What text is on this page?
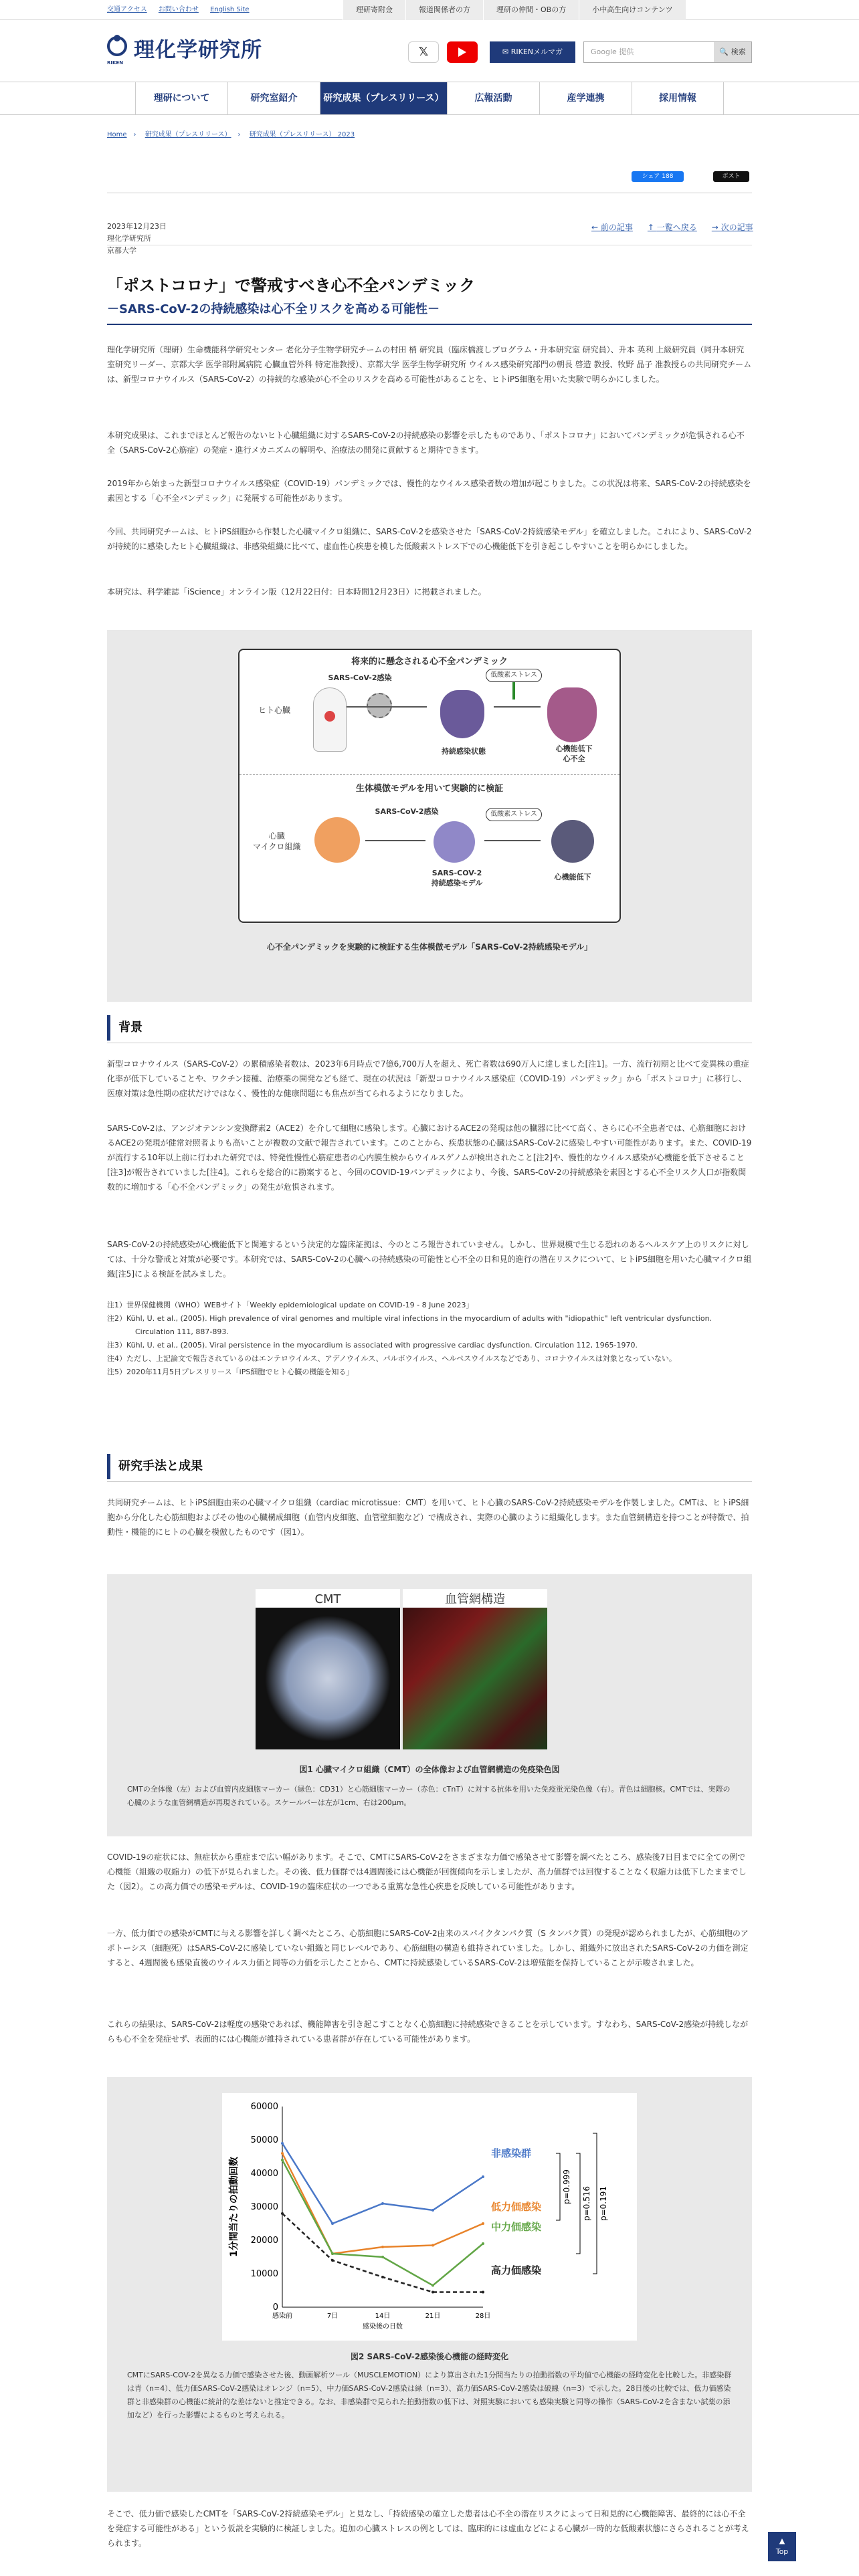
交通アクセス お問い合わせ English Site	理研寄附金	報道関係者の方	理研の仲間・OBの方	小中高生向けコンテンツ
RIKEN
理化学研究所	𝕏	✉ RIKENメルマガ	Google 提供	🔍 検索
理研について	研究室紹介	研究成果（プレスリリース）	広報活動	産学連携	採用情報
Home › 研究成果（プレスリリース） › 研究成果（プレスリリース） 2023
シェア 188	ポスト
2023年12月23日
理化学研究所
京都大学
← 前の記事 ↑ 一覧へ戻る → 次の記事
「ポストコロナ」で警戒すべき心不全パンデミック
－SARS-CoV-2の持続感染は心不全リスクを高める可能性－
理化学研究所（理研）生命機能科学研究センター 老化分子生物学研究チームの村田 梢 研究員（臨床橋渡しプログラム・升本研究室 研究員）、升本 英利 上級研究員（同升本研究室研究リーダー、京都大学 医学部附属病院 心臓血管外科 特定准教授）、京都大学 医学生物学研究所 ウイルス感染研究部門の朝長 啓造 教授、牧野 晶子 准教授らの共同研究チームは、新型コロナウイルス（SARS-CoV-2）の持続的な感染が心不全のリスクを高める可能性があることを、ヒトiPS細胞を用いた実験で明らかにしました。
本研究成果は、これまでほとんど報告のないヒト心臓組織に対するSARS-CoV-2の持続感染の影響を示したものであり、「ポストコロナ」においてパンデミックが危惧される心不全（SARS-CoV-2心筋症）の発症・進行メカニズムの解明や、治療法の開発に貢献すると期待できます。
2019年から始まった新型コロナウイルス感染症（COVID-19）パンデミックでは、慢性的なウイルス感染者数の増加が起こりました。この状況は将来、SARS-CoV-2の持続感染を素因とする「心不全パンデミック」に発展する可能性があります。
今回、共同研究チームは、ヒトiPS細胞から作製した心臓マイクロ組織に、SARS-CoV-2を感染させた「SARS-CoV-2持続感染モデル」を確立しました。これにより、SARS-CoV-2が持続的に感染したヒト心臓組織は、非感染組織に比べて、虚血性心疾患を模した低酸素ストレス下での心機能低下を引き起こしやすいことを明らかにしました。
本研究は、科学雑誌「iScience」オンライン版（12月22日付：日本時間12月23日）に掲載されました。
将来的に懸念される心不全パンデミック
SARS-CoV-2感染
ヒト心臓
持続感染状態
低酸素ストレス
心機能低下
心不全
生体模倣モデルを用いて実験的に検証
心臓
マイクロ組織
SARS-CoV-2感染
SARS-COV-2
持続感染モデル
低酸素ストレス
心機能低下
心不全パンデミックを実験的に検証する生体模倣モデル「SARS-CoV-2持続感染モデル」
背景
新型コロナウイルス（SARS-CoV-2）の累積感染者数は、2023年6月時点で7億6,700万人を超え、死亡者数は690万人に達しました[注1]。一方、流行初期と比べて変異株の重症化率が低下していることや、ワクチン接種、治療薬の開発なども経て、現在の状況は「新型コロナウイルス感染症（COVID-19）パンデミック」から「ポストコロナ」に移行し、医療対策は急性期の症状だけではなく、慢性的な健康問題にも焦点が当てられるようになりました。
SARS-CoV-2は、アンジオテンシン変換酵素2（ACE2）を介して細胞に感染します。心臓におけるACE2の発現は他の臓器に比べて高く、さらに心不全患者では、心筋細胞におけるACE2の発現が健常対照者よりも高いことが複数の文献で報告されています。このことから、疾患状態の心臓はSARS-CoV-2に感染しやすい可能性があります。また、COVID-19が流行する10年以上前に行われた研究では、特発性慢性心筋症患者の心内膜生検からウイルスゲノムが検出されたこと[注2]や、慢性的なウイルス感染が心機能を低下させること[注3]が報告されていました[注4]。これらを総合的に勘案すると、今回のCOVID-19パンデミックにより、今後、SARS-CoV-2の持続感染を素因とする心不全リスク人口が指数関数的に増加する「心不全パンデミック」の発生が危惧されます。
SARS-CoV-2の持続感染が心機能低下と関連するという決定的な臨床証拠は、今のところ報告されていません。しかし、世界規模で生じる恐れのあるヘルスケア上のリスクに対しては、十分な警戒と対策が必要です。本研究では、SARS-CoV-2の心臓への持続感染の可能性と心不全の日和見的進行の潜在リスクについて、ヒトiPS細胞を用いた心臓マイクロ組織[注5]による検証を試みました。
注1）世界保健機関（WHO）WEBサイト「Weekly epidemiological update on COVID-19 - 8 June 2023」
注2）Kühl, U. et al., (2005). High prevalence of viral genomes and multiple viral infections in the myocardium of adults with "idiopathic" left ventricular dysfunction. Circulation 111, 887-893.
注3）Kühl, U. et al., (2005). Viral persistence in the myocardium is associated with progressive cardiac dysfunction. Circulation 112, 1965-1970.
注4）ただし、上記論文で報告されているのはエンテロウイルス、アデノウイルス、パルボウイルス、ヘルペスウイルスなどであり、コロナウイルスは対象となっていない。
注5）2020年11月5日プレスリリース「iPS細胞でヒト心臓の機能を知る」
研究手法と成果
共同研究チームは、ヒトiPS細胞由来の心臓マイクロ組織（cardiac microtissue：CMT）を用いて、ヒト心臓のSARS-CoV-2持続感染モデルを作製しました。CMTは、ヒトiPS細胞から分化した心筋細胞およびその他の心臓構成細胞（血管内皮細胞、血管壁細胞など）で構成され、実際の心臓のように組織化します。また血管網構造を持つことが特徴で、拍動性・機能的にヒトの心臓を模倣したものです（図1）。
CMT	血管網構造
図1 心臓マイクロ組織（CMT）の全体像および血管網構造の免疫染色図
CMTの全体像（左）および血管内皮細胞マーカー（緑色：CD31）と心筋細胞マーカー（赤色：cTnT）に対する抗体を用いた免疫蛍光染色像（右）。青色は細胞核。CMTでは、実際の心臓のような血管網構造が再現されている。スケールバーは左が1cm、右は200μm。
COVID-19の症状には、無症状から重症まで広い幅があります。そこで、CMTにSARS-CoV-2をさまざまな力価で感染させて影響を調べたところ、感染後7日目までに全ての例で心機能（組織の収縮力）の低下が見られました。その後、低力価群では4週間後には心機能が回復傾向を示しましたが、高力価群では回復することなく収縮力は低下したままでした（図2）。この高力価での感染モデルは、COVID-19の臨床症状の一つである重篤な急性心疾患を反映している可能性があります。
一方、低力価での感染がCMTに与える影響を詳しく調べたところ、心筋細胞にSARS-CoV-2由来のスパイクタンパク質（S タンパク質）の発現が認められましたが、心筋細胞のアポトーシス（細胞死）はSARS-CoV-2に感染していない組織と同じレベルであり、心筋細胞の構造も維持されていました。しかし、組織外に放出されたSARS-CoV-2の力価を測定すると、4週間後も感染直後のウイルス力価と同等の力価を示したことから、CMTに持続感染しているSARS-CoV-2は増殖能を保持していることが示唆されました。
これらの結果は、SARS-CoV-2は軽度の感染であれば、機能障害を引き起こすことなく心筋細胞に持続感染できることを示しています。すなわち、SARS-CoV-2感染が持続しながらも心不全を発症せず、表面的には心機能が維持されている患者群が存在している可能性があります。
0
10000
20000
30000
40000
50000
60000
感染前	7日	14日	21日	28日
感染後の日数
1分間当たりの拍動回数
非感染群
低力価感染
中力価感染
高力価感染
p=0.999 p=0.516 p=0.191
図2 SARS-CoV-2感染後心機能の経時変化
CMTにSARS-COV-2を異なる力価で感染させた後、動画解析ツール（MUSCLEMOTION）により算出された1分間当たりの拍動指数の平均値で心機能の経時変化を比較した。非感染群は青（n=4）、低力価SARS-CoV-2感染はオレンジ（n=5）、中力価SARS-CoV-2感染は緑（n=3）、高力価SARS-CoV-2感染は破線（n=3）で示した。28日後の比較では、低力価感染群と非感染群の心機能に統計的な差はないと推定できる。なお、非感染群で見られた拍動指数の低下は、対照実験においても感染実験と同等の操作（SARS-CoV-2を含まない試薬の添加など）を行った影響によるものと考えられる。
そこで、低力価で感染したCMTを「SARS-CoV-2持続感染モデル」と見なし、「持続感染の確立した患者は心不全の潜在リスクによって日和見的に心機能障害、最終的には心不全を発症する可能性がある」という仮説を実験的に検証しました。追加の心臓ストレスの例としては、臨床的には虚血などによる心臓が一時的な低酸素状態にさらされることが考えられます。	▲
Top
